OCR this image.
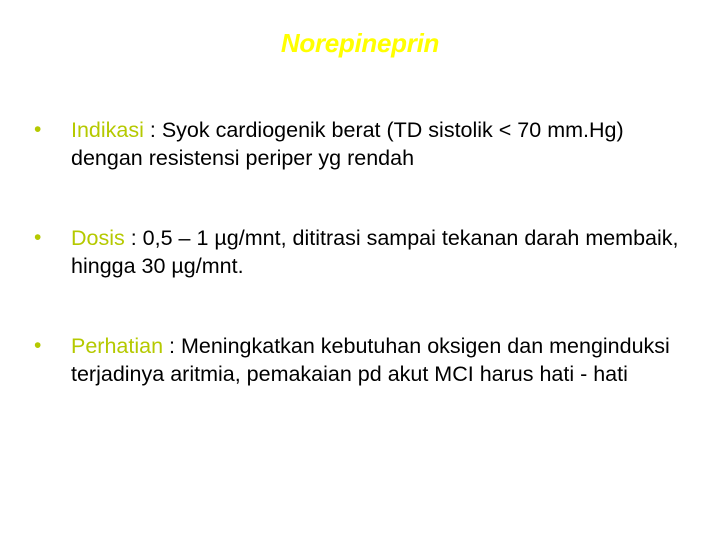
Norepineprin
• Indikasi : Syok cardiogenik berat (TD sistolik < 70 mm.Hg) dengan resistensi periper yg rendah
• Dosis : 0,5 – 1 µg/mnt, dititrasi sampai tekanan darah membaik, hingga 30 µg/mnt.
• Perhatian : Meningkatkan kebutuhan oksigen dan menginduksi terjadinya aritmia, pemakaian pd akut MCI harus hati - hati
